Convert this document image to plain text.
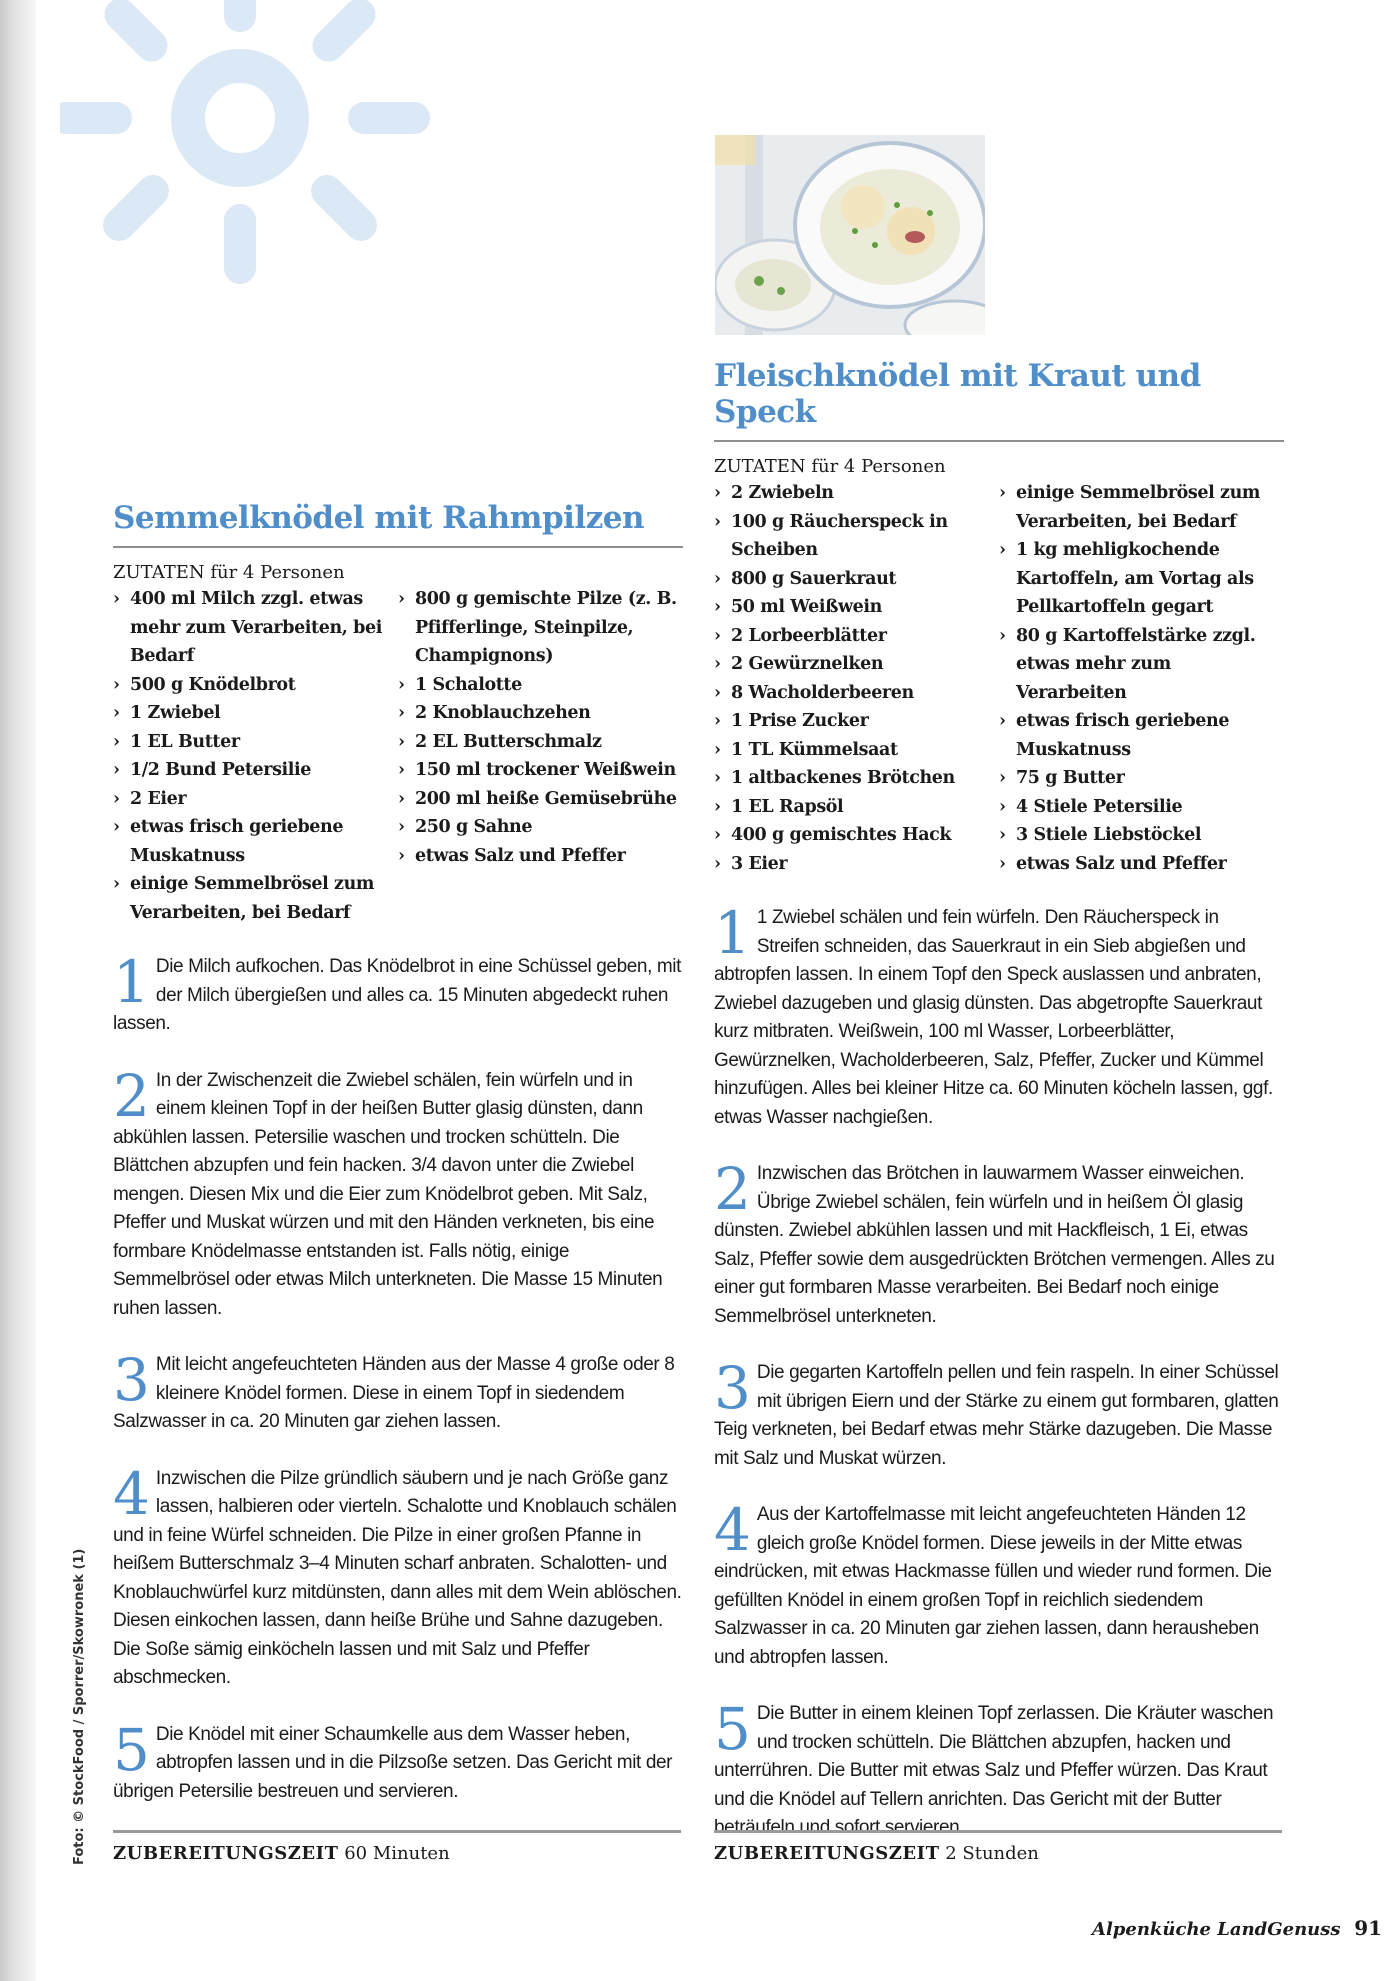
Foto: © StockFood / Sporrer/Skowronek (1)
Semmelknödel mit Rahmpilzen
ZUTATEN für 4 Personen
› 400 ml Milch zzgl. etwas mehr zum Verarbeiten, bei Bedarf
› 500 g Knödelbrot
› 1 Zwiebel
› 1 EL Butter
› 1/2 Bund Petersilie
› 2 Eier
› etwas frisch geriebene Muskatnuss
› einige Semmelbrösel zum Verarbeiten, bei Bedarf
› 800 g gemischte Pilze (z. B. Pfifferlinge, Steinpilze, Champignons)
› 1 Schalotte
› 2 Knoblauchzehen
› 2 EL Butterschmalz
› 150 ml trockener Weißwein
› 200 ml heiße Gemüsebrühe
› 250 g Sahne
› etwas Salz und Pfeffer
1 Die Milch aufkochen. Das Knödelbrot in eine Schüssel geben, mit der Milch übergießen und alles ca. 15 Minuten abgedeckt ruhen lassen.

2 In der Zwischenzeit die Zwiebel schälen, fein würfeln und in einem kleinen Topf in der heißen Butter glasig dünsten, dann abkühlen lassen. Petersilie waschen und trocken schütteln. Die Blättchen abzupfen und fein hacken. 3/4 davon unter die Zwiebel mengen. Diesen Mix und die Eier zum Knödelbrot geben. Mit Salz, Pfeffer und Muskat würzen und mit den Händen verkneten, bis eine formbare Knödelmasse entstanden ist. Falls nötig, einige Semmelbrösel oder etwas Milch unterkneten. Die Masse 15 Minuten ruhen lassen.

3 Mit leicht angefeuchteten Händen aus der Masse 4 große oder 8 kleinere Knödel formen. Diese in einem Topf in siedendem Salzwasser in ca. 20 Minuten gar ziehen lassen.

4 Inzwischen die Pilze gründlich säubern und je nach Größe ganz lassen, halbieren oder vierteln. Schalotte und Knoblauch schälen und in feine Würfel schneiden. Die Pilze in einer großen Pfanne in heißem Butterschmalz 3–4 Minuten scharf anbraten. Schalotten- und Knoblauchwürfel kurz mitdünsten, dann alles mit dem Wein ablöschen. Diesen einkochen lassen, dann heiße Brühe und Sahne dazugeben. Die Soße sämig einköcheln lassen und mit Salz und Pfeffer abschmecken.

5 Die Knödel mit einer Schaumkelle aus dem Wasser heben, abtropfen lassen und in die Pilzsoße setzen. Das Gericht mit der übrigen Petersilie bestreuen und servieren.

Fleischknödel mit Kraut und Speck
ZUTATEN für 4 Personen
› 2 Zwiebeln
› 100 g Räucherspeck in Scheiben
› 800 g Sauerkraut
› 50 ml Weißwein
› 2 Lorbeerblätter
› 2 Gewürznelken
› 8 Wacholderbeeren
› 1 Prise Zucker
› 1 TL Kümmelsaat
› 1 altbackenes Brötchen
› 1 EL Rapsöl
› 400 g gemischtes Hack
› 3 Eier
› einige Semmelbrösel zum Verarbeiten, bei Bedarf
› 1 kg mehligkochende Kartoffeln, am Vortag als Pellkartoffeln gegart
› 80 g Kartoffelstärke zzgl. etwas mehr zum Verarbeiten
› etwas frisch geriebene Muskatnuss
› 75 g Butter
› 4 Stiele Petersilie
› 3 Stiele Liebstöckel
› etwas Salz und Pfeffer
1 1 Zwiebel schälen und fein würfeln. Den Räucherspeck in Streifen schneiden, das Sauerkraut in ein Sieb abgießen und abtropfen lassen. In einem Topf den Speck auslassen und anbraten, Zwiebel dazugeben und glasig dünsten. Das abgetropfte Sauerkraut kurz mitbraten. Weißwein, 100 ml Wasser, Lorbeerblätter, Gewürznelken, Wacholderbeeren, Salz, Pfeffer, Zucker und Kümmel hinzufügen. Alles bei kleiner Hitze ca. 60 Minuten köcheln lassen, ggf. etwas Wasser nachgießen.

2 Inzwischen das Brötchen in lauwarmem Wasser einweichen. Übrige Zwiebel schälen, fein würfeln und in heißem Öl glasig dünsten. Zwiebel abkühlen lassen und mit Hackfleisch, 1 Ei, etwas Salz, Pfeffer sowie dem ausgedrückten Brötchen vermengen. Alles zu einer gut formbaren Masse verarbeiten. Bei Bedarf noch einige Semmelbrösel unterkneten.

3 Die gegarten Kartoffeln pellen und fein raspeln. In einer Schüssel mit übrigen Eiern und der Stärke zu einem gut formbaren, glatten Teig verkneten, bei Bedarf etwas mehr Stärke dazugeben. Die Masse mit Salz und Muskat würzen.

4 Aus der Kartoffelmasse mit leicht angefeuchteten Händen 12 gleich große Knödel formen. Diese jeweils in der Mitte etwas eindrücken, mit etwas Hackmasse füllen und wieder rund formen. Die gefüllten Knödel in einem großen Topf in reichlich siedendem Salzwasser in ca. 20 Minuten gar ziehen lassen, dann herausheben und abtropfen lassen.

5 Die Butter in einem kleinen Topf zerlassen. Die Kräuter waschen und trocken schütteln. Die Blättchen abzupfen, hacken und unterrühren. Die Butter mit etwas Salz und Pfeffer würzen. Das Kraut und die Knödel auf Tellern anrichten. Das Gericht mit der Butter beträufeln und sofort servieren.

ZUBEREITUNGSZEIT 60 Minuten	ZUBEREITUNGSZEIT 2 Stunden
Alpenküche LandGenuss 91
